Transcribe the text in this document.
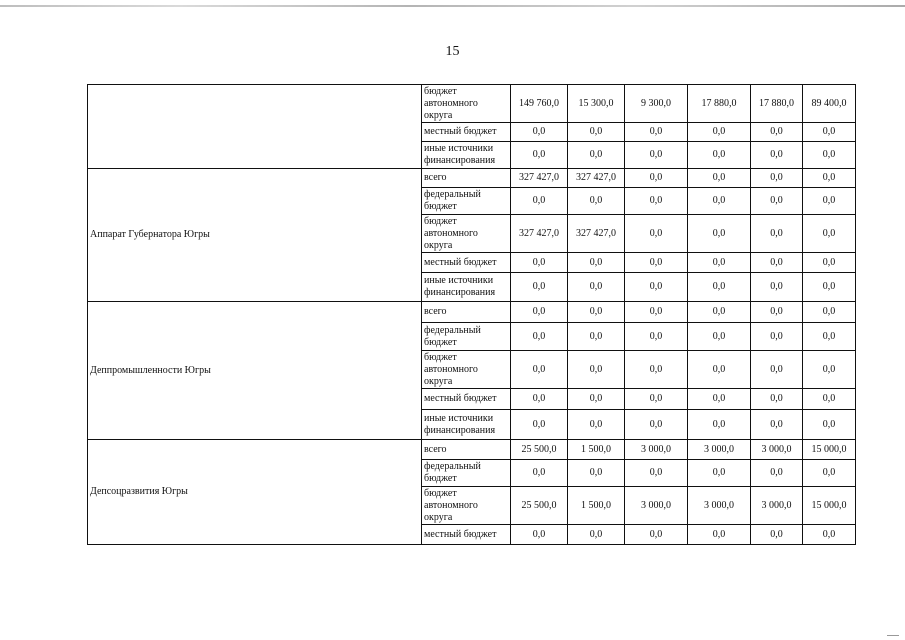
15
	бюджет автономного округа	149 760,0	15 300,0	9 300,0	17 880,0	17 880,0	89 400,0
	местный бюджет	0,0	0,0	0,0	0,0	0,0	0,0
	иные источники финансирования	0,0	0,0	0,0	0,0	0,0	0,0
Аппарат Губернатора Югры	всего	327 427,0	327 427,0	0,0	0,0	0,0	0,0
	федеральный бюджет	0,0	0,0	0,0	0,0	0,0	0,0
	бюджет автономного округа	327 427,0	327 427,0	0,0	0,0	0,0	0,0
	местный бюджет	0,0	0,0	0,0	0,0	0,0	0,0
	иные источники финансирования	0,0	0,0	0,0	0,0	0,0	0,0
Деппромышленности Югры	всего	0,0	0,0	0,0	0,0	0,0	0,0
	федеральный бюджет	0,0	0,0	0,0	0,0	0,0	0,0
	бюджет автономного округа	0,0	0,0	0,0	0,0	0,0	0,0
	местный бюджет	0,0	0,0	0,0	0,0	0,0	0,0
	иные источники финансирования	0,0	0,0	0,0	0,0	0,0	0,0
Депсоцразвития Югры	всего	25 500,0	1 500,0	3 000,0	3 000,0	3 000,0	15 000,0
	федеральный бюджет	0,0	0,0	0,0	0,0	0,0	0,0
	бюджет автономного округа	25 500,0	1 500,0	3 000,0	3 000,0	3 000,0	15 000,0
	местный бюджет	0,0	0,0	0,0	0,0	0,0	0,0
